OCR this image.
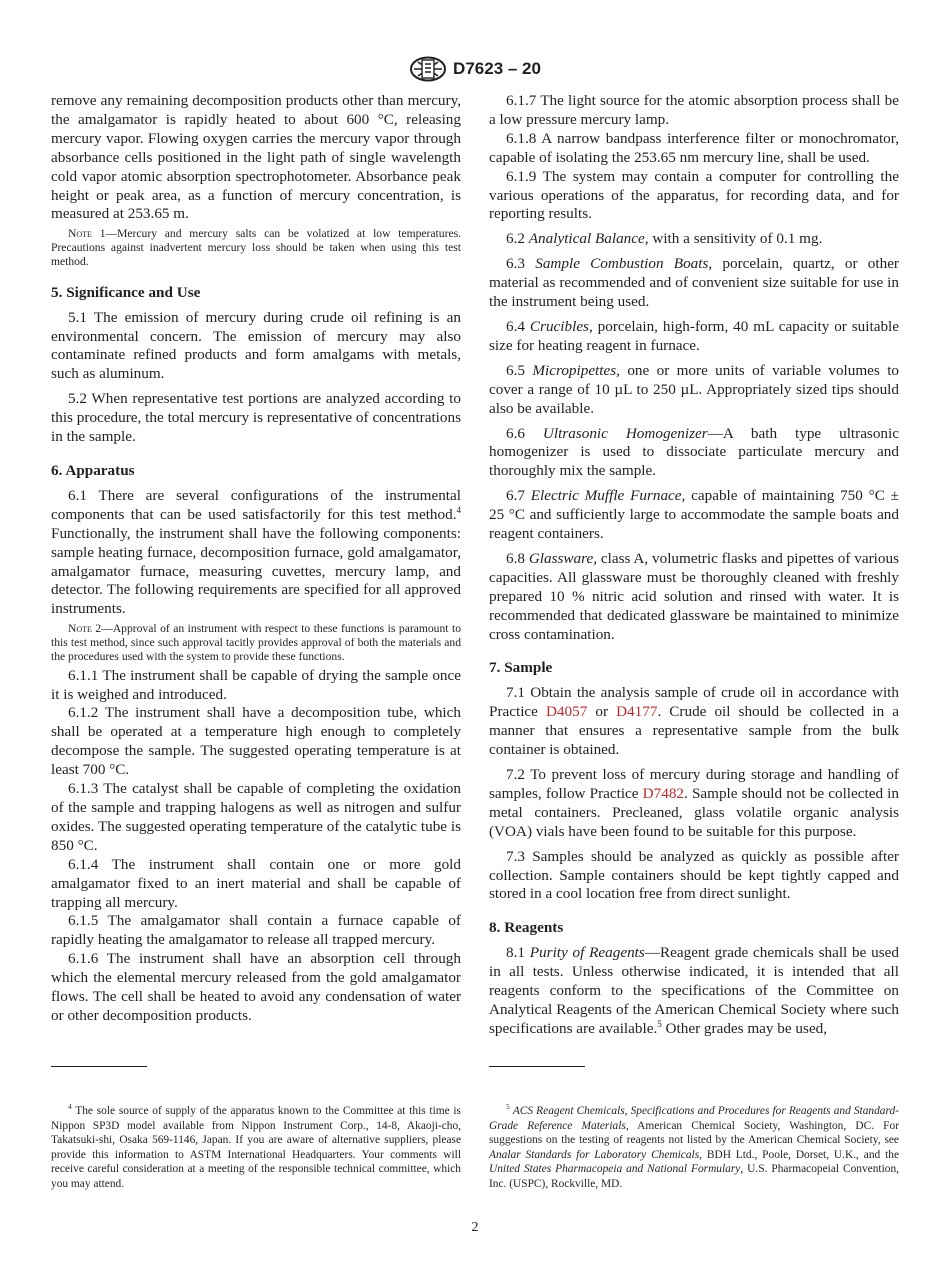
D7623 – 20

remove any remaining decomposition products other than mercury, the amalgamator is rapidly heated to about 600 °C, releasing mercury vapor. Flowing oxygen carries the mercury vapor through absorbance cells positioned in the light path of single wavelength cold vapor atomic absorption spectrophotometer. Absorbance peak height or peak area, as a function of mercury concentration, is measured at 253.65 m.

Note 1—Mercury and mercury salts can be volatized at low temperatures. Precautions against inadvertent mercury loss should be taken when using this test method.

5. Significance and Use

5.1 The emission of mercury during crude oil refining is an environmental concern. The emission of mercury may also contaminate refined products and form amalgams with metals, such as aluminum.

5.2 When representative test portions are analyzed according to this procedure, the total mercury is representative of concentrations in the sample.

6. Apparatus

6.1 There are several configurations of the instrumental components that can be used satisfactorily for this test method.$^4$ Functionally, the instrument shall have the following components: sample heating furnace, decomposition furnace, gold amalgamator, amalgamator furnace, measuring cuvettes, mercury lamp, and detector. The following requirements are specified for all approved instruments.

Note 2—Approval of an instrument with respect to these functions is paramount to this test method, since such approval tacitly provides approval of both the materials and the procedures used with the system to provide these functions.

6.1.1 The instrument shall be capable of drying the sample once it is weighed and introduced.

6.1.2 The instrument shall have a decomposition tube, which shall be operated at a temperature high enough to completely decompose the sample. The suggested operating temperature is at least 700 °C.

6.1.3 The catalyst shall be capable of completing the oxidation of the sample and trapping halogens as well as nitrogen and sulfur oxides. The suggested operating temperature of the catalytic tube is 850 °C.

6.1.4 The instrument shall contain one or more gold amalgamator fixed to an inert material and shall be capable of trapping all mercury.

6.1.5 The amalgamator shall contain a furnace capable of rapidly heating the amalgamator to release all trapped mercury.

6.1.6 The instrument shall have an absorption cell through which the elemental mercury released from the gold amalgamator flows. The cell shall be heated to avoid any condensation of water or other decomposition products.

6.1.7 The light source for the atomic absorption process shall be a low pressure mercury lamp.

6.1.8 A narrow bandpass interference filter or monochromator, capable of isolating the 253.65 nm mercury line, shall be used.

6.1.9 The system may contain a computer for controlling the various operations of the apparatus, for recording data, and for reporting results.

6.2 Analytical Balance, with a sensitivity of 0.1 mg.

6.3 Sample Combustion Boats, porcelain, quartz, or other material as recommended and of convenient size suitable for use in the instrument being used.

6.4 Crucibles, porcelain, high-form, 40 mL capacity or suitable size for heating reagent in furnace.

6.5 Micropipettes, one or more units of variable volumes to cover a range of 10 µL to 250 µL. Appropriately sized tips should also be available.

6.6 Ultrasonic Homogenizer—A bath type ultrasonic homogenizer is used to dissociate particulate mercury and thoroughly mix the sample.

6.7 Electric Muffle Furnace, capable of maintaining 750 °C ± 25 °C and sufficiently large to accommodate the sample boats and reagent containers.

6.8 Glassware, class A, volumetric flasks and pipettes of various capacities. All glassware must be thoroughly cleaned with freshly prepared 10 % nitric acid solution and rinsed with water. It is recommended that dedicated glassware be maintained to minimize cross contamination.

7. Sample

7.1 Obtain the analysis sample of crude oil in accordance with Practice D4057 or D4177. Crude oil should be collected in a manner that ensures a representative sample from the bulk container is obtained.

7.2 To prevent loss of mercury during storage and handling of samples, follow Practice D7482. Sample should not be collected in metal containers. Precleaned, glass volatile organic analysis (VOA) vials have been found to be suitable for this purpose.

7.3 Samples should be analyzed as quickly as possible after collection. Sample containers should be kept tightly capped and stored in a cool location free from direct sunlight.

8. Reagents

8.1 Purity of Reagents—Reagent grade chemicals shall be used in all tests. Unless otherwise indicated, it is intended that all reagents conform to the specifications of the Committee on Analytical Reagents of the American Chemical Society where such specifications are available.$^5$ Other grades may be used,

$^4$ The sole source of supply of the apparatus known to the Committee at this time is Nippon SP3D model available from Nippon Instrument Corp., 14-8, Akaoji-cho, Takatsuki-shi, Osaka 569-1146, Japan. If you are aware of alternative suppliers, please provide this information to ASTM International Headquarters. Your comments will receive careful consideration at a meeting of the responsible technical committee, which you may attend.

$^5$ ACS Reagent Chemicals, Specifications and Procedures for Reagents and Standard-Grade Reference Materials, American Chemical Society, Washington, DC. For suggestions on the testing of reagents not listed by the American Chemical Society, see Analar Standards for Laboratory Chemicals, BDH Ltd., Poole, Dorset, U.K., and the United States Pharmacopeia and National Formulary, U.S. Pharmacopeial Convention, Inc. (USPC), Rockville, MD.

2
